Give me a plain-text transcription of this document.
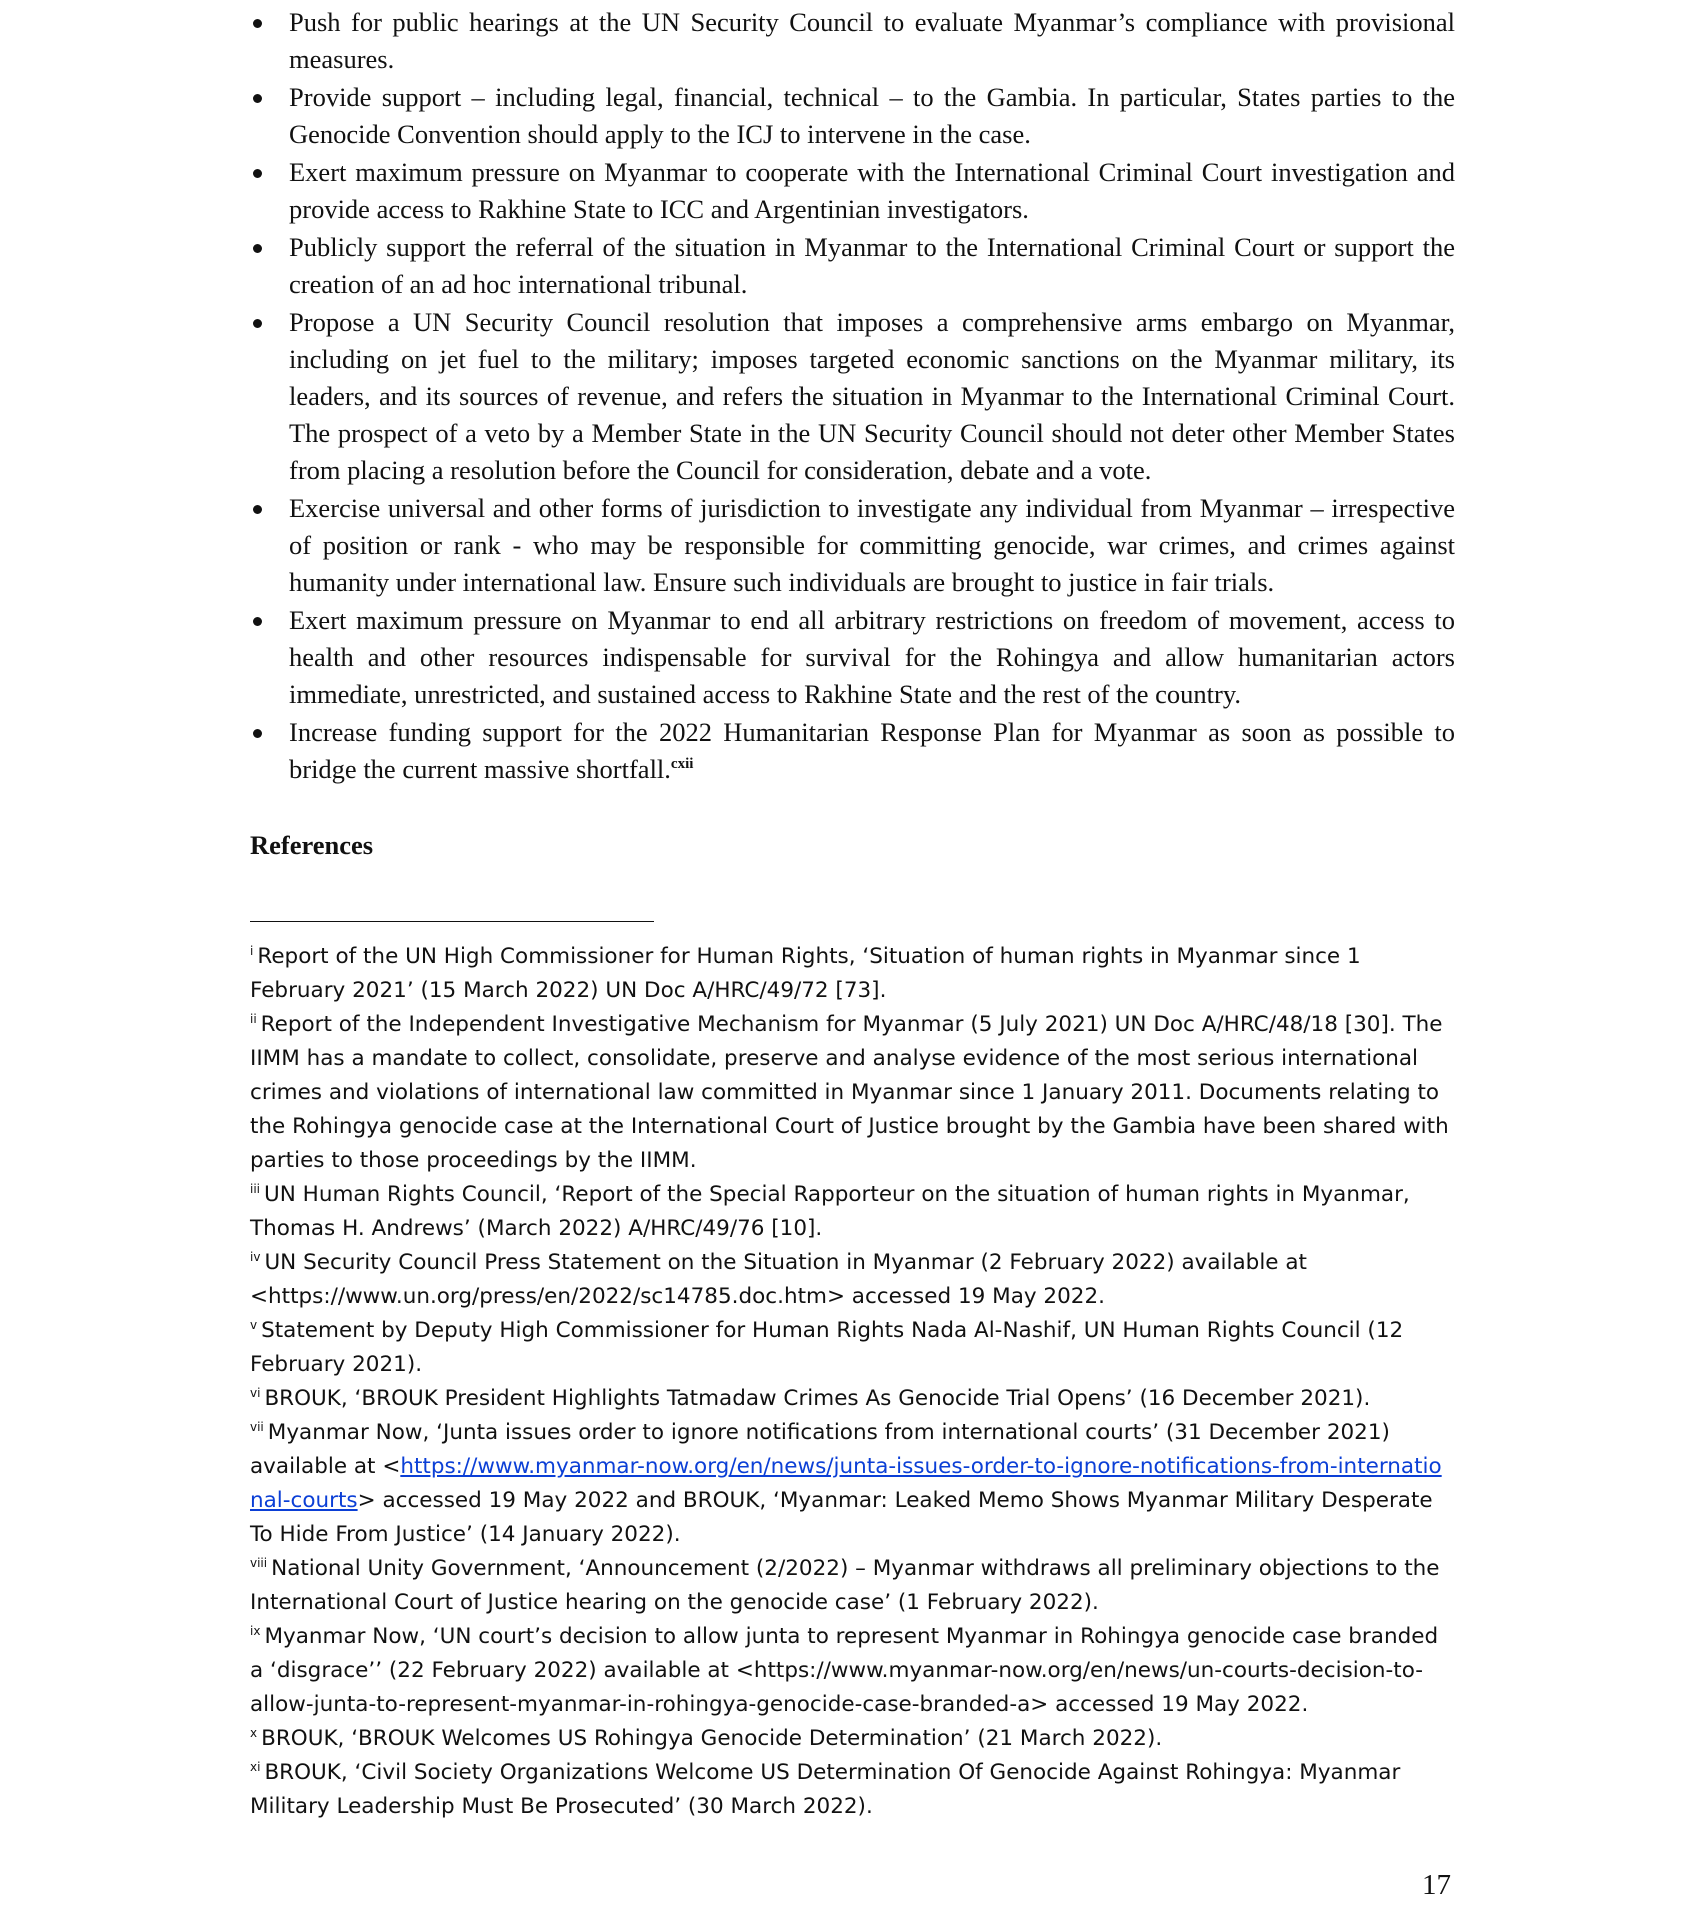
Push for public hearings at the UN Security Council to evaluate Myanmar’s compliance with provisional measures.
Provide support – including legal, financial, technical – to the Gambia. In particular, States parties to the Genocide Convention should apply to the ICJ to intervene in the case.
Exert maximum pressure on Myanmar to cooperate with the International Criminal Court investigation and provide access to Rakhine State to ICC and Argentinian investigators.
Publicly support the referral of the situation in Myanmar to the International Criminal Court or support the creation of an ad hoc international tribunal.
Propose a UN Security Council resolution that imposes a comprehensive arms embargo on Myanmar, including on jet fuel to the military; imposes targeted economic sanctions on the Myanmar military, its leaders, and its sources of revenue, and refers the situation in Myanmar to the International Criminal Court. The prospect of a veto by a Member State in the UN Security Council should not deter other Member States from placing a resolution before the Council for consideration, debate and a vote.
Exercise universal and other forms of jurisdiction to investigate any individual from Myanmar – irrespective of position or rank - who may be responsible for committing genocide, war crimes, and crimes against humanity under international law. Ensure such individuals are brought to justice in fair trials.
Exert maximum pressure on Myanmar to end all arbitrary restrictions on freedom of movement, access to health and other resources indispensable for survival for the Rohingya and allow humanitarian actors immediate, unrestricted, and sustained access to Rakhine State and the rest of the country.
Increase funding support for the 2022 Humanitarian Response Plan for Myanmar as soon as possible to bridge the current massive shortfall.$^{cxii}$
References
$^i$ Report of the UN High Commissioner for Human Rights, ‘Situation of human rights in Myanmar since 1 February 2021’ (15 March 2022) UN Doc A/HRC/49/72 [73].
$^{ii}$ Report of the Independent Investigative Mechanism for Myanmar (5 July 2021) UN Doc A/HRC/48/18 [30]. The IIMM has a mandate to collect, consolidate, preserve and analyse evidence of the most serious international crimes and violations of international law committed in Myanmar since 1 January 2011. Documents relating to the Rohingya genocide case at the International Court of Justice brought by the Gambia have been shared with parties to those proceedings by the IIMM.
$^{iii}$ UN Human Rights Council, ‘Report of the Special Rapporteur on the situation of human rights in Myanmar, Thomas H. Andrews’ (March 2022) A/HRC/49/76 [10].
$^{iv}$ UN Security Council Press Statement on the Situation in Myanmar (2 February 2022) available at <https://www.un.org/press/en/2022/sc14785.doc.htm> accessed 19 May 2022.
$^v$ Statement by Deputy High Commissioner for Human Rights Nada Al-Nashif, UN Human Rights Council (12 February 2021).
$^{vi}$ BROUK, ‘BROUK President Highlights Tatmadaw Crimes As Genocide Trial Opens’ (16 December 2021).
$^{vii}$ Myanmar Now, ‘Junta issues order to ignore notifications from international courts’ (31 December 2021) available at <https://www.myanmar-now.org/en/news/junta-issues-order-to-ignore-notifications-from-international-courts> accessed 19 May 2022 and BROUK, ‘Myanmar: Leaked Memo Shows Myanmar Military Desperate To Hide From Justice’ (14 January 2022).
$^{viii}$ National Unity Government, ‘Announcement (2/2022) – Myanmar withdraws all preliminary objections to the International Court of Justice hearing on the genocide case’ (1 February 2022).
$^{ix}$ Myanmar Now, ‘UN court’s decision to allow junta to represent Myanmar in Rohingya genocide case branded a ‘disgrace’’ (22 February 2022) available at <https://www.myanmar-now.org/en/news/un-courts-decision-to-allow-junta-to-represent-myanmar-in-rohingya-genocide-case-branded-a> accessed 19 May 2022.
$^x$ BROUK, ‘BROUK Welcomes US Rohingya Genocide Determination’ (21 March 2022).
$^{xi}$ BROUK, ‘Civil Society Organizations Welcome US Determination Of Genocide Against Rohingya: Myanmar Military Leadership Must Be Prosecuted’ (30 March 2022).
17
